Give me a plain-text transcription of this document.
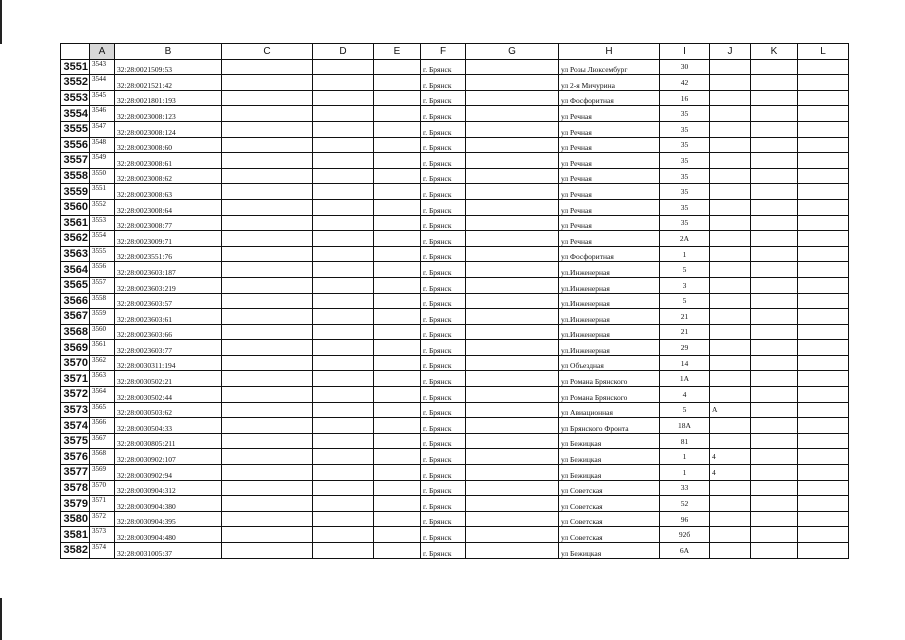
	A	B	C	D	E	F	G	H	I	J	K	L
3551	3543	32:28:0021509:53				г. Брянск		ул Розы Люксембург	30			
3552	3544	32:28:0021521:42				г. Брянск		ул 2-я Мичурина	42			
3553	3545	32:28:0021801:193				г. Брянск		ул Фосфоритная	16			
3554	3546	32:28:0023008:123				г. Брянск		ул Речная	35			
3555	3547	32:28:0023008:124				г. Брянск		ул Речная	35			
3556	3548	32:28:0023008:60				г. Брянск		ул Речная	35			
3557	3549	32:28:0023008:61				г. Брянск		ул Речная	35			
3558	3550	32:28:0023008:62				г. Брянск		ул Речная	35			
3559	3551	32:28:0023008:63				г. Брянск		ул Речная	35			
3560	3552	32:28:0023008:64				г. Брянск		ул Речная	35			
3561	3553	32:28:0023008:77				г. Брянск		ул Речная	35			
3562	3554	32:28:0023009:71				г. Брянск		ул Речная	2А			
3563	3555	32:28:0023551:76				г. Брянск		ул Фосфоритная	1			
3564	3556	32:28:0023603:187				г. Брянск		ул.Инженерная	5			
3565	3557	32:28:0023603:219				г. Брянск		ул.Инженерная	3			
3566	3558	32:28:0023603:57				г. Брянск		ул.Инженерная	5			
3567	3559	32:28:0023603:61				г. Брянск		ул.Инженерная	21			
3568	3560	32:28:0023603:66				г. Брянск		ул.Инженерная	21			
3569	3561	32:28:0023603:77				г. Брянск		ул.Инженерная	29			
3570	3562	32:28:0030311:194				г. Брянск		ул Объездная	14			
3571	3563	32:28:0030502:21				г. Брянск		ул Романа Брянского	1А			
3572	3564	32:28:0030502:44				г. Брянск		ул Романа Брянского	4			
3573	3565	32:28:0030503:62				г. Брянск		ул Авиационная	5	А		
3574	3566	32:28:0030504:33				г. Брянск		ул Брянского Фронта	18А			
3575	3567	32:28:0030805:211				г. Брянск		ул Бежицкая	81			
3576	3568	32:28:0030902:107				г. Брянск		ул Бежицкая	1	4		
3577	3569	32:28:0030902:94				г. Брянск		ул Бежицкая	1	4		
3578	3570	32:28:0030904:312				г. Брянск		ул Советская	33			
3579	3571	32:28:0030904:380				г. Брянск		ул Советская	52			
3580	3572	32:28:0030904:395				г. Брянск		ул Советская	96			
3581	3573	32:28:0030904:480				г. Брянск		ул Советская	92б			
3582	3574	32:28:0031005:37				г. Брянск		ул Бежицкая	6А			
